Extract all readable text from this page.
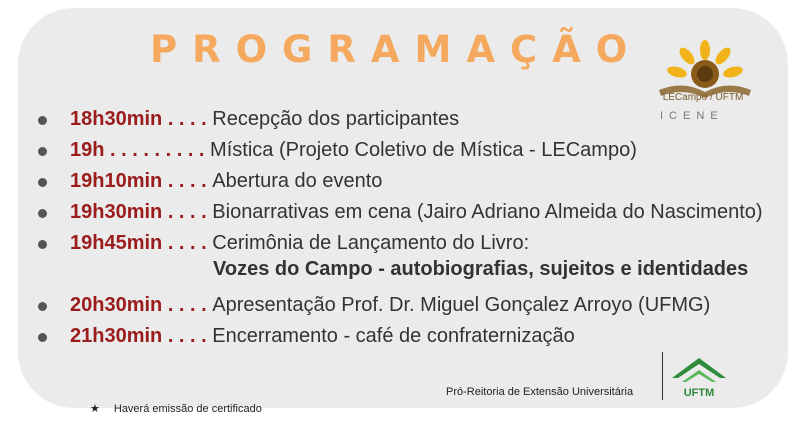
PROGRAMAÇÃO
LECampo / UFTM
ICENE
18h30min . . . . Recepção dos participantes
19h . . . . . . . . . Mística (Projeto Coletivo de Mística - LECampo)
19h10min . . . . Abertura do evento
19h30min . . . . Bionarrativas em cena (Jairo Adriano Almeida do Nascimento)
19h45min . . . . Cerimônia de Lançamento do Livro:
20h30min . . . . Apresentação Prof. Dr. Miguel Gonçalez Arroyo (UFMG)
21h30min . . . . Encerramento - café de confraternização

Vozes do Campo - autobiografias, sujeitos e identidades

Pró-Reitoria de Extensão Universitária	UFTM
★ Haverá emissão de certificado
